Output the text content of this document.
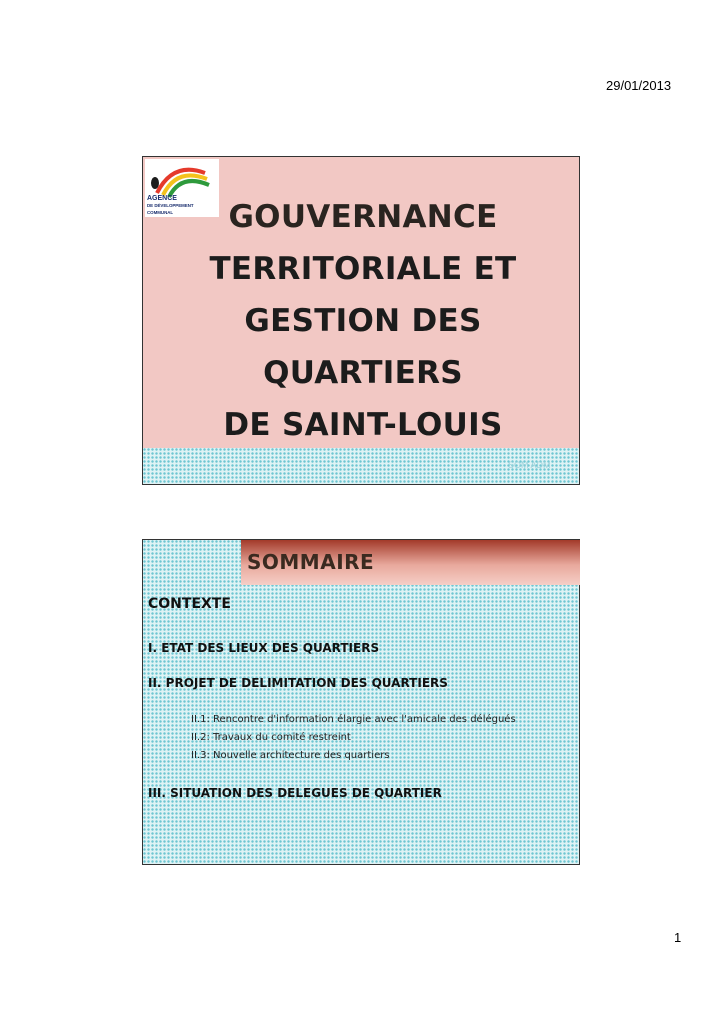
29/01/2013
AGENCE
DE DÉVELOPPEMENT COMMUNAL	GOUVERNANCE
TERRITORIALE ET
GESTION DES
QUARTIERS
DE SAINT-LOUIS
SOM ADM
SOMMAIRE
CONTEXTE
I. ETAT DES LIEUX DES QUARTIERS
II. PROJET DE DELIMITATION DES QUARTIERS
II.1: Rencontre d'information élargie avec l'amicale des délégués
II.2: Travaux du comité restreint
II.3: Nouvelle architecture des quartiers
III. SITUATION DES DELEGUES DE QUARTIER
1
